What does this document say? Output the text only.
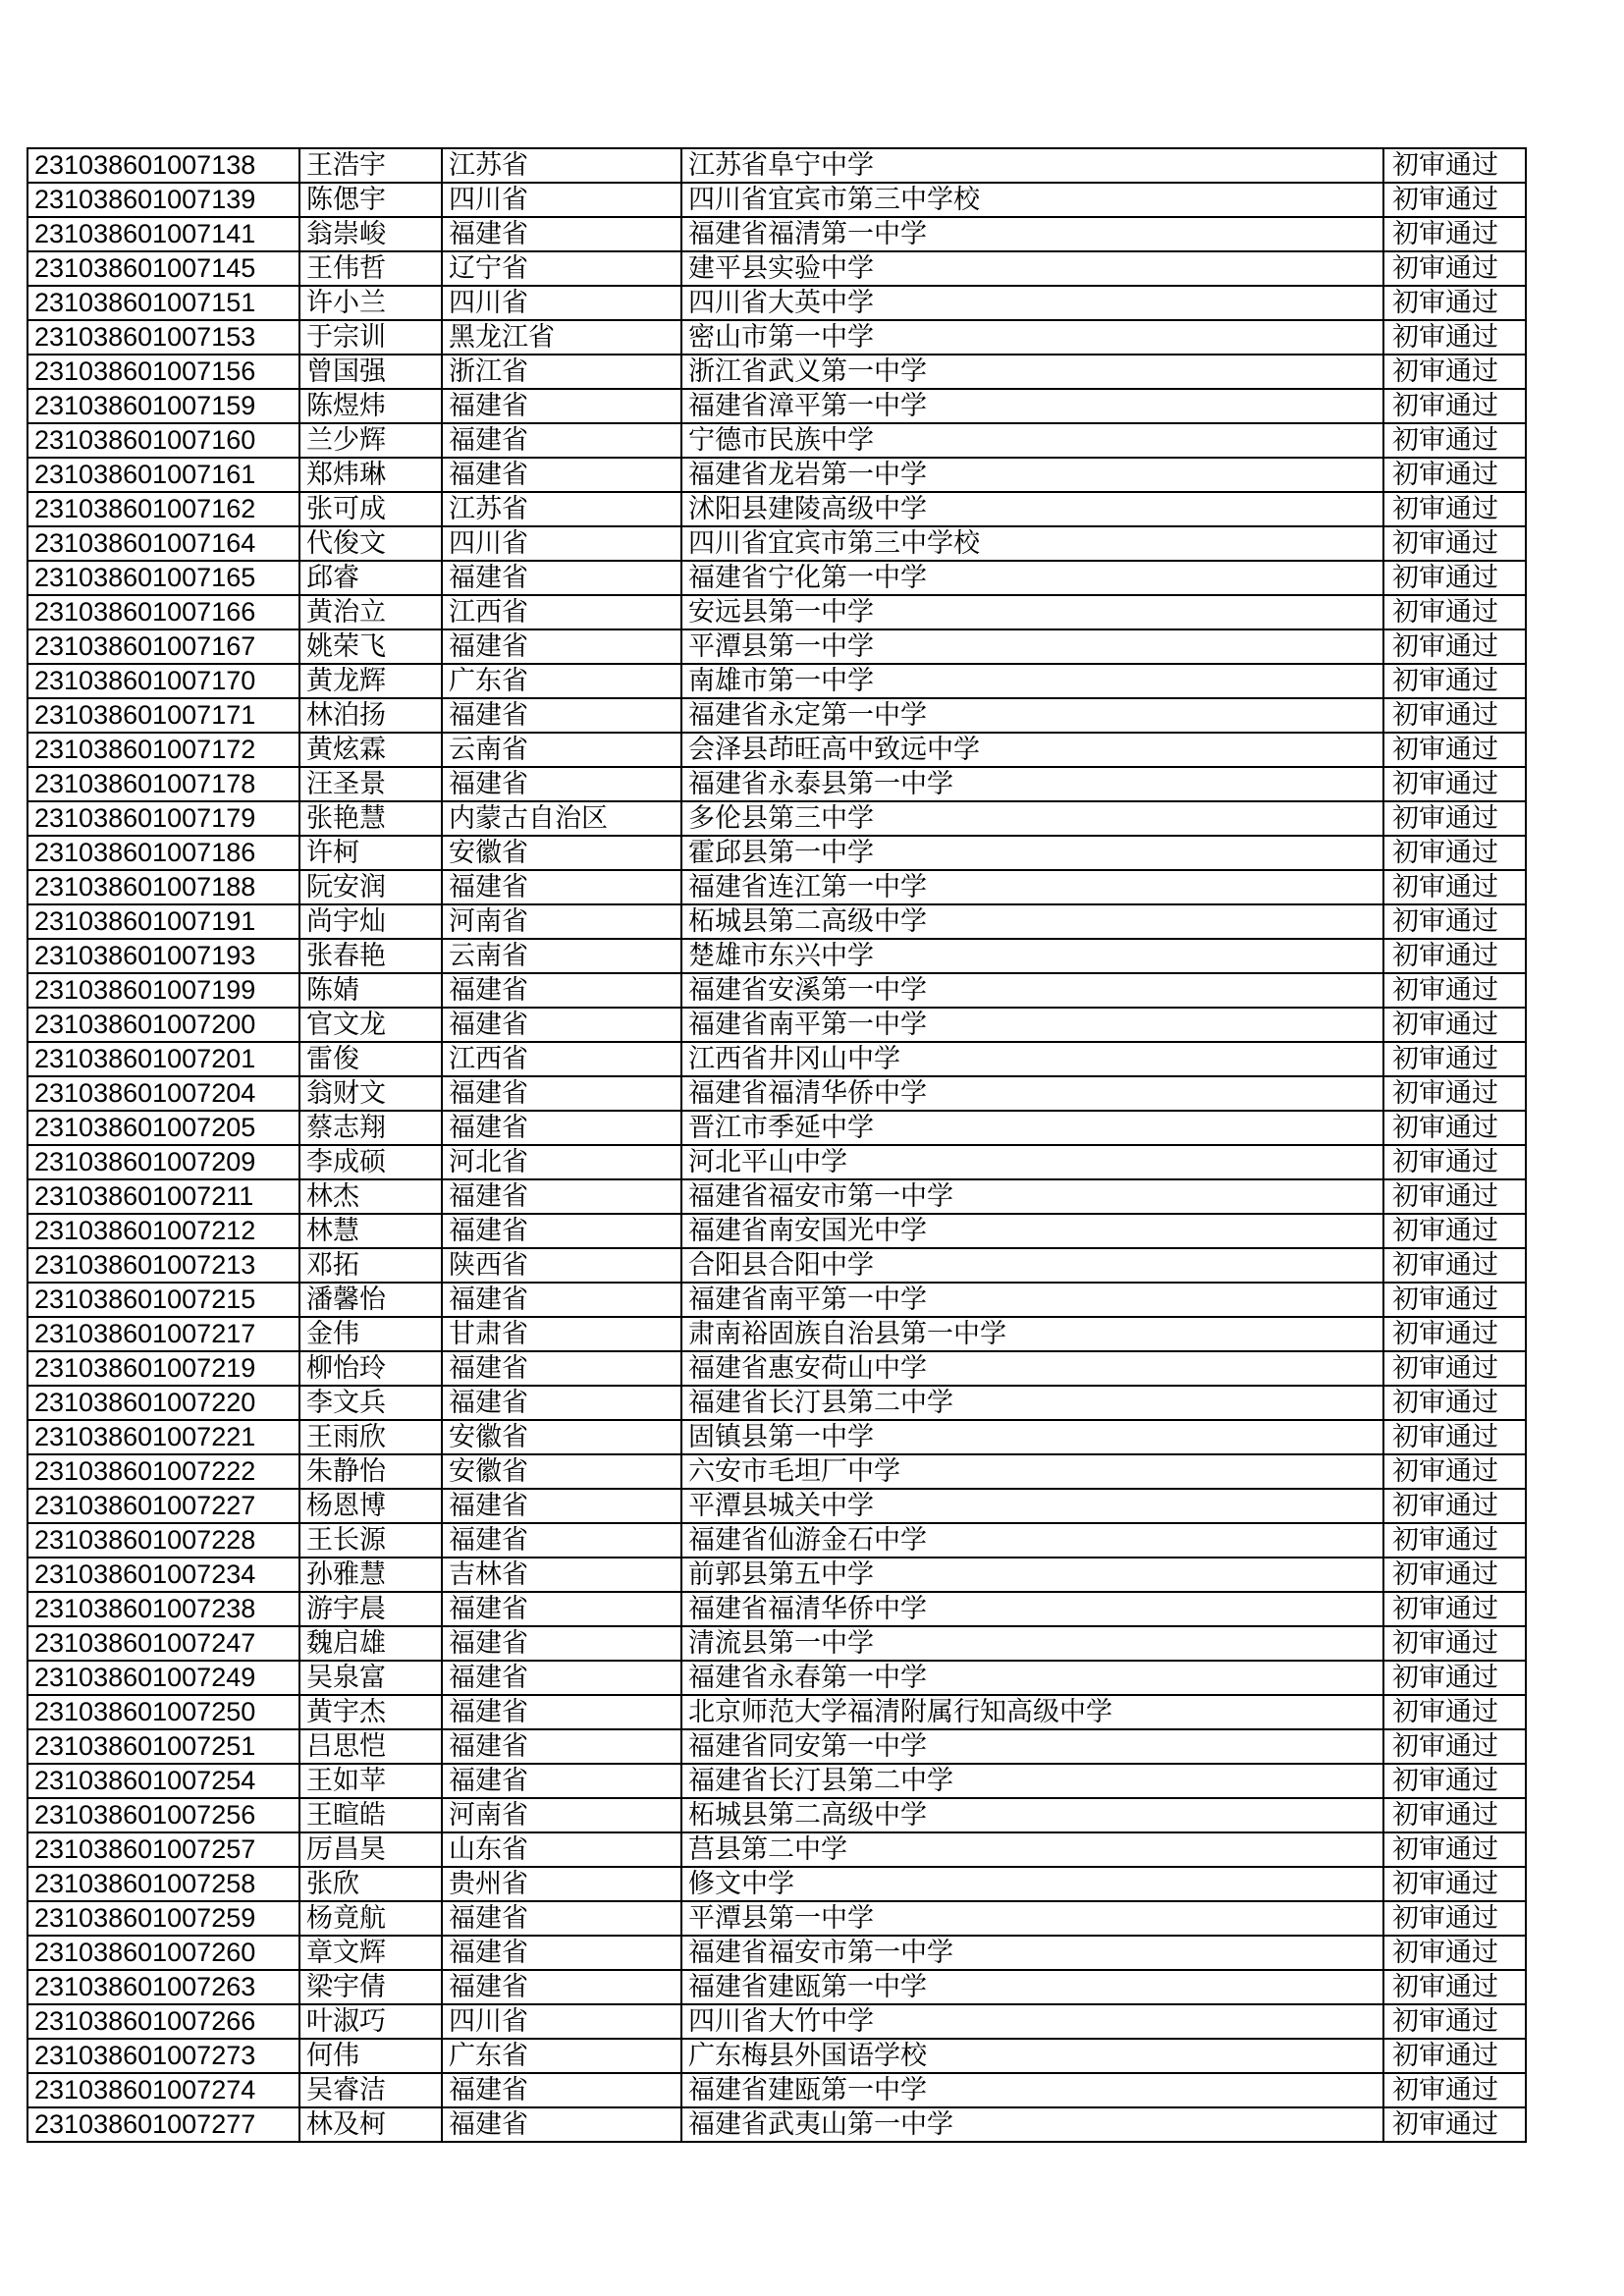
231038601007138	王浩宇	江苏省	江苏省阜宁中学	初审通过
231038601007139	陈偲宇	四川省	四川省宜宾市第三中学校	初审通过
231038601007141	翁崇峻	福建省	福建省福清第一中学	初审通过
231038601007145	王伟哲	辽宁省	建平县实验中学	初审通过
231038601007151	许小兰	四川省	四川省大英中学	初审通过
231038601007153	于宗训	黑龙江省	密山市第一中学	初审通过
231038601007156	曾国强	浙江省	浙江省武义第一中学	初审通过
231038601007159	陈煜炜	福建省	福建省漳平第一中学	初审通过
231038601007160	兰少辉	福建省	宁德市民族中学	初审通过
231038601007161	郑炜琳	福建省	福建省龙岩第一中学	初审通过
231038601007162	张可成	江苏省	沭阳县建陵高级中学	初审通过
231038601007164	代俊文	四川省	四川省宜宾市第三中学校	初审通过
231038601007165	邱睿	福建省	福建省宁化第一中学	初审通过
231038601007166	黄治立	江西省	安远县第一中学	初审通过
231038601007167	姚荣飞	福建省	平潭县第一中学	初审通过
231038601007170	黄龙辉	广东省	南雄市第一中学	初审通过
231038601007171	林泊扬	福建省	福建省永定第一中学	初审通过
231038601007172	黄炫霖	云南省	会泽县茚旺高中致远中学	初审通过
231038601007178	汪圣景	福建省	福建省永泰县第一中学	初审通过
231038601007179	张艳慧	内蒙古自治区	多伦县第三中学	初审通过
231038601007186	许柯	安徽省	霍邱县第一中学	初审通过
231038601007188	阮安润	福建省	福建省连江第一中学	初审通过
231038601007191	尚宇灿	河南省	柘城县第二高级中学	初审通过
231038601007193	张春艳	云南省	楚雄市东兴中学	初审通过
231038601007199	陈婧	福建省	福建省安溪第一中学	初审通过
231038601007200	官文龙	福建省	福建省南平第一中学	初审通过
231038601007201	雷俊	江西省	江西省井冈山中学	初审通过
231038601007204	翁财文	福建省	福建省福清华侨中学	初审通过
231038601007205	蔡志翔	福建省	晋江市季延中学	初审通过
231038601007209	李成硕	河北省	河北平山中学	初审通过
231038601007211	林杰	福建省	福建省福安市第一中学	初审通过
231038601007212	林慧	福建省	福建省南安国光中学	初审通过
231038601007213	邓拓	陕西省	合阳县合阳中学	初审通过
231038601007215	潘馨怡	福建省	福建省南平第一中学	初审通过
231038601007217	金伟	甘肃省	肃南裕固族自治县第一中学	初审通过
231038601007219	柳怡玲	福建省	福建省惠安荷山中学	初审通过
231038601007220	李文兵	福建省	福建省长汀县第二中学	初审通过
231038601007221	王雨欣	安徽省	固镇县第一中学	初审通过
231038601007222	朱静怡	安徽省	六安市毛坦厂中学	初审通过
231038601007227	杨恩博	福建省	平潭县城关中学	初审通过
231038601007228	王长源	福建省	福建省仙游金石中学	初审通过
231038601007234	孙雅慧	吉林省	前郭县第五中学	初审通过
231038601007238	游宇晨	福建省	福建省福清华侨中学	初审通过
231038601007247	魏启雄	福建省	清流县第一中学	初审通过
231038601007249	吴泉富	福建省	福建省永春第一中学	初审通过
231038601007250	黄宇杰	福建省	北京师范大学福清附属行知高级中学	初审通过
231038601007251	吕思恺	福建省	福建省同安第一中学	初审通过
231038601007254	王如苹	福建省	福建省长汀县第二中学	初审通过
231038601007256	王暄皓	河南省	柘城县第二高级中学	初审通过
231038601007257	厉昌昊	山东省	莒县第二中学	初审通过
231038601007258	张欣	贵州省	修文中学	初审通过
231038601007259	杨竟航	福建省	平潭县第一中学	初审通过
231038601007260	章文辉	福建省	福建省福安市第一中学	初审通过
231038601007263	梁宇倩	福建省	福建省建瓯第一中学	初审通过
231038601007266	叶淑巧	四川省	四川省大竹中学	初审通过
231038601007273	何伟	广东省	广东梅县外国语学校	初审通过
231038601007274	吴睿洁	福建省	福建省建瓯第一中学	初审通过
231038601007277	林及柯	福建省	福建省武夷山第一中学	初审通过
